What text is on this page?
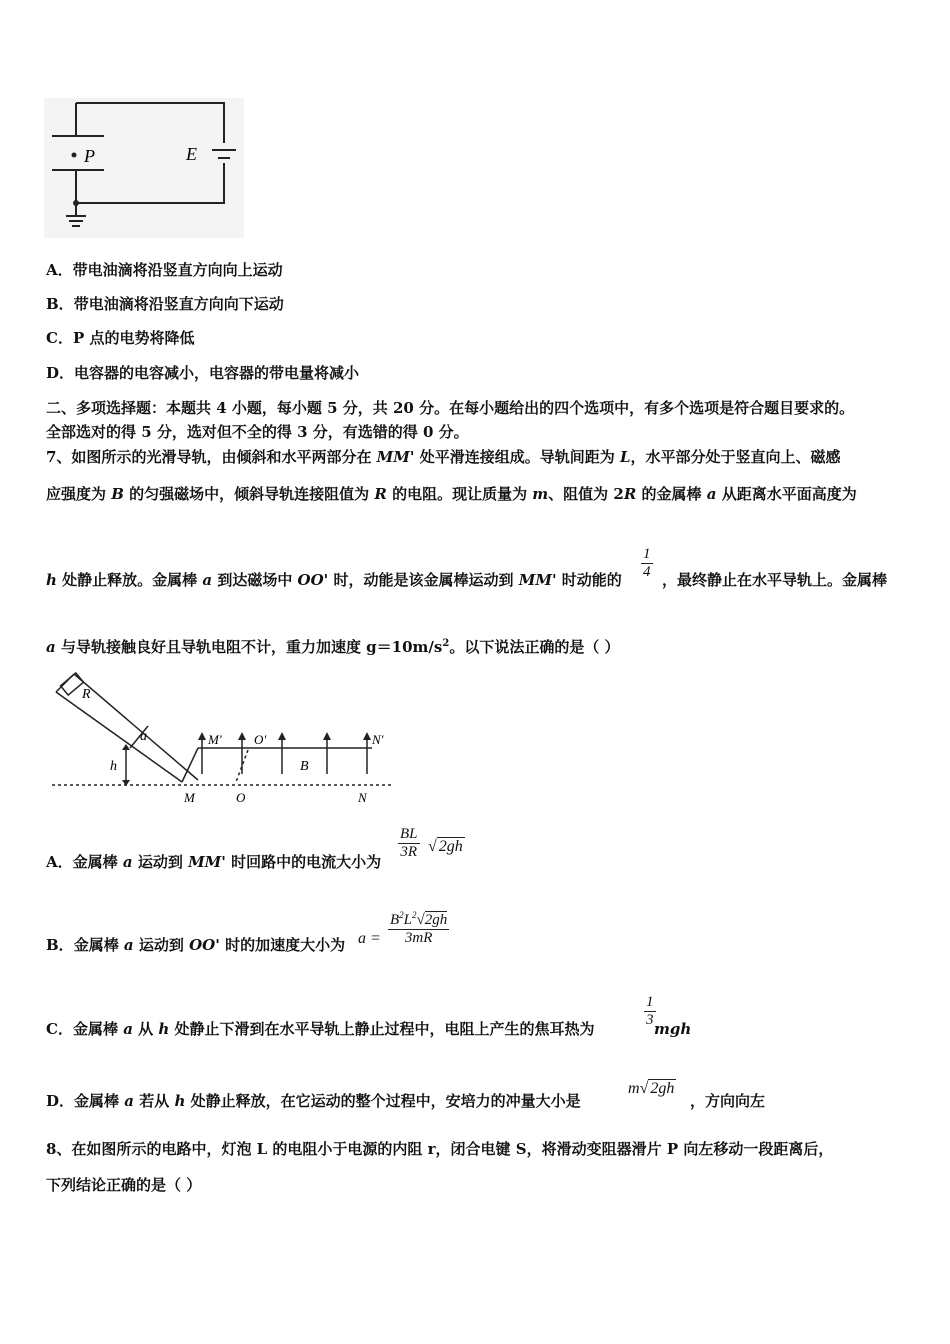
P	E
A．带电油滴将沿竖直方向向上运动
B．带电油滴将沿竖直方向向下运动
C．P 点的电势将降低
D．电容器的电容减小，电容器的带电量将减小
二、多项选择题：本题共 4 小题，每小题 5 分，共 20 分。在每小题给出的四个选项中，有多个选项是符合题目要求的。
全部选对的得 5 分，选对但不全的得 3 分，有选错的得 0 分。
7、如图所示的光滑导轨，由倾斜和水平两部分在 MM' 处平滑连接组成。导轨间距为 L，水平部分处于竖直向上、磁感
应强度为 B 的匀强磁场中，倾斜导轨连接阻值为 R 的电阻。现让质量为 m、阻值为 2R 的金属棒 a 从距离水平面高度为
h 处静止释放。金属棒 a 到达磁场中 OO' 时，动能是该金属棒运动到 MM' 时动能的 $\frac{1}{4}$ ，最终静止在水平导轨上。金属棒
a 与导轨接触良好且导轨电阻不计，重力加速度 $g=10m/s^2$。以下说法正确的是（ ）
R
a
h
M' O'	N'
B
M	O	N
A．金属棒 a 运动到 MM' 时回路中的电流大小为
$\frac{BL}{3R}$ √ 2gh
B．金属棒 a 运动到 OO' 时的加速度大小为 $a = \frac{B^2L^2√2gh}{3mR}$
C．金属棒 a 从 h 处静止下滑到在水平导轨上静止过程中，电阻上产生的焦耳热为	$\frac{1}{3}$
mgh
D．金属棒 a 若从 h 处静止释放，在它运动的整个过程中，安培力的冲量大小是
m√ 2gh
，方向向左
8、在如图所示的电路中，灯泡 L 的电阻小于电源的内阻 r，闭合电键 S，将滑动变阻器滑片 P 向左移动一段距离后，
下列结论正确的是（ ）
